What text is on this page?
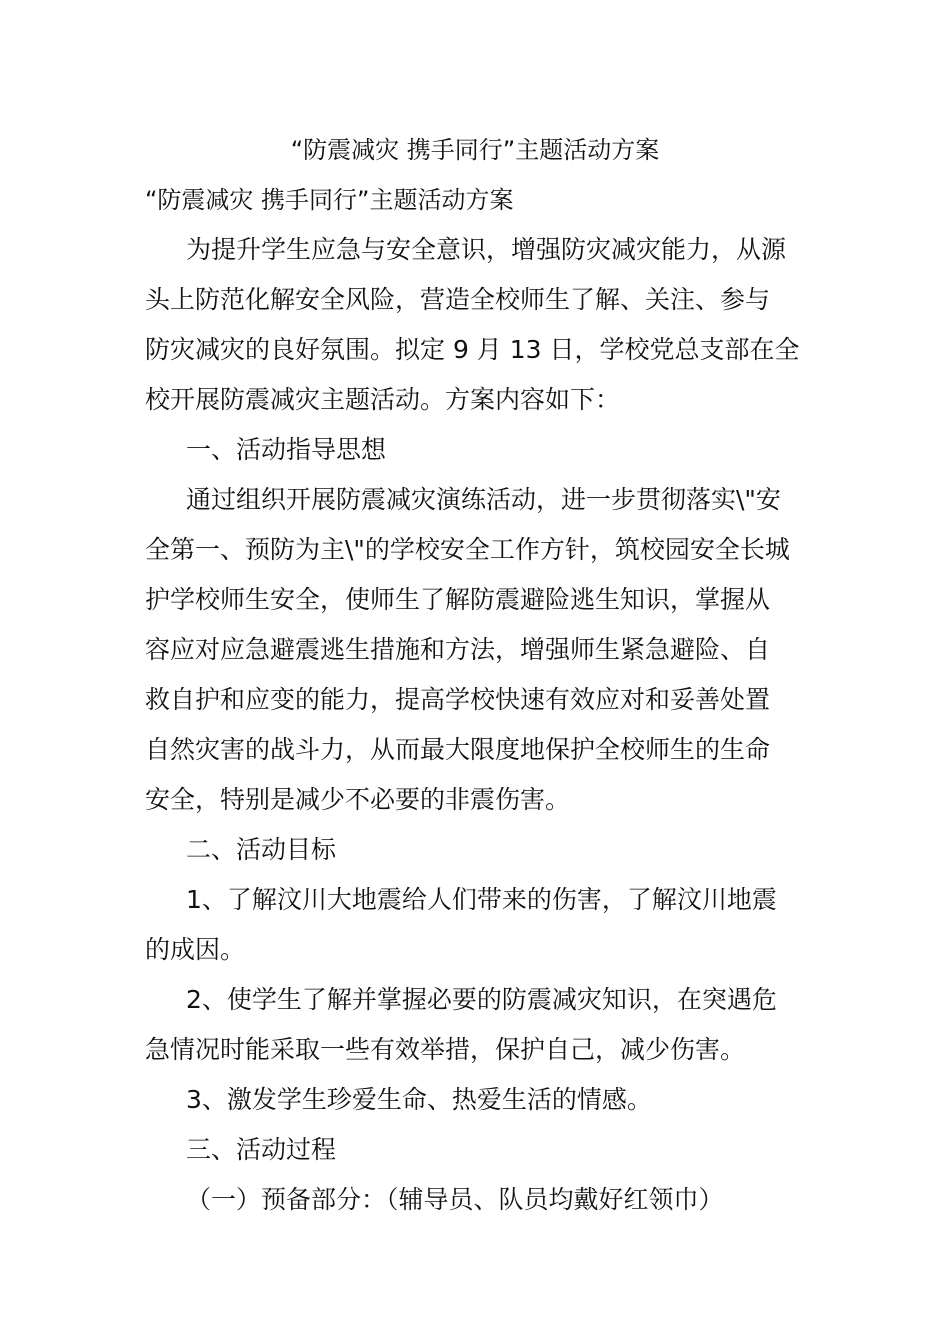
“防震减灾 携手同行”主题活动方案
“防震减灾 携手同行”主题活动方案
为提升学生应急与安全意识，增强防灾减灾能力，从源
头上防范化解安全风险，营造全校师生了解、关注、参与
防灾减灾的良好氛围。拟定 9 月 13 日，学校党总支部在全
校开展防震减灾主题活动。方案内容如下：
一、活动指导思想
通过组织开展防震减灾演练活动，进一步贯彻落实\"安
全第一、预防为主\"的学校安全工作方针，筑校园安全长城
护学校师生安全，使师生了解防震避险逃生知识，掌握从
容应对应急避震逃生措施和方法，增强师生紧急避险、自
救自护和应变的能力，提高学校快速有效应对和妥善处置
自然灾害的战斗力，从而最大限度地保护全校师生的生命
安全，特别是减少不必要的非震伤害。
二、活动目标
1、了解汶川大地震给人们带来的伤害，了解汶川地震
的成因。
2、使学生了解并掌握必要的防震减灾知识，在突遇危
急情况时能采取一些有效举措，保护自己，减少伤害。
3、激发学生珍爱生命、热爱生活的情感。
三、活动过程
（一）预备部分：（辅导员、队员均戴好红领巾）
